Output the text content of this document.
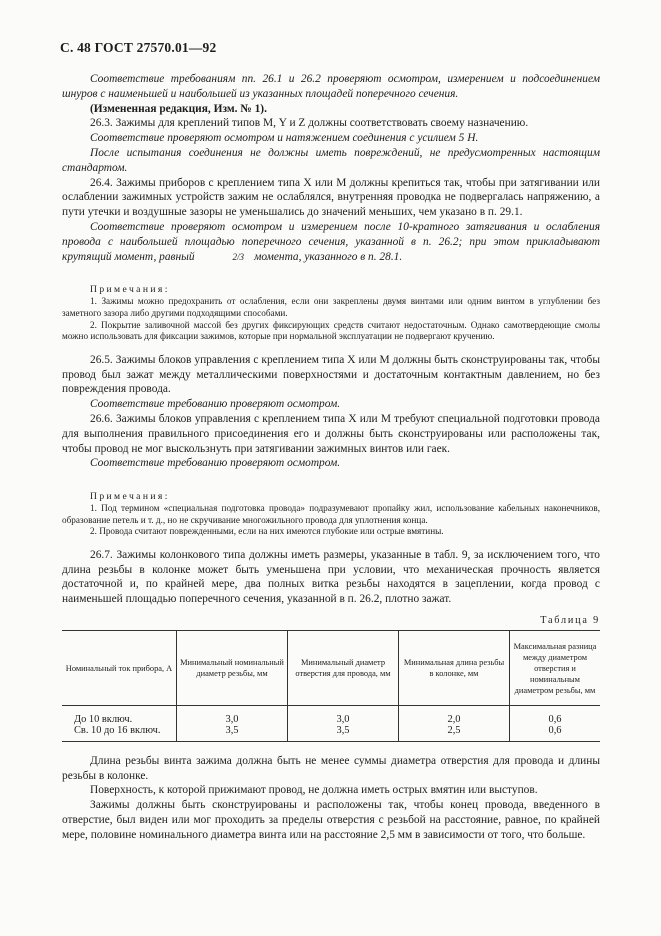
С. 48 ГОСТ 27570.01—92

Соответствие требованиям пп. 26.1 и 26.2 проверяют осмотром, измерением и подсоединением шнуров с наименьшей и наибольшей из указанных площадей поперечного сечения.

(Измененная редакция, Изм. № 1).

26.3. Зажимы для креплений типов М, Y и Z должны соответствовать своему назначению.

Соответствие проверяют осмотром и натяжением соединения с усилием 5 Н.

После испытания соединения не должны иметь повреждений, не предусмотренных настоящим стандартом.

26.4. Зажимы приборов с креплением типа X или М должны крепиться так, чтобы при затягивании или ослаблении зажимных устройств зажим не ослаблялся, внутренняя проводка не подвергалась напряжению, а пути утечки и воздушные зазоры не уменьшались до значений меньших, чем указано в п. 29.1.

Соответствие проверяют осмотром и измерением после 10-кратного затягивания и ослабления провода с наибольшей площадью поперечного сечения, указанной в п. 26.2; при этом прикладывают крутящий момент, равный	2/3 момента, указанного в п. 28.1.

Примечания:

1. Зажимы можно предохранить от ослабления, если они закреплены двумя винтами или одним винтом в углублении без заметного зазора либо другими подходящими способами.

2. Покрытие заливочной массой без других фиксирующих средств считают недостаточным. Однако самотвердеющие смолы можно использовать для фиксации зажимов, которые при нормальной эксплуатации не подвергают кручению.

26.5. Зажимы блоков управления с креплением типа X или М должны быть сконструированы так, чтобы провод был зажат между металлическими поверхностями и достаточным контактным давлением, но без повреждения провода.

Соответствие требованию проверяют осмотром.

26.6. Зажимы блоков управления с креплением типа X или М требуют специальной подготовки провода для выполнения правильного присоединения его и должны быть сконструированы или расположены так, чтобы провод не мог выскользнуть при затягивании зажимных винтов или гаек.

Соответствие требованию проверяют осмотром.

Примечания:

1. Под термином «специальная подготовка провода» подразумевают пропайку жил, использование кабельных наконечников, образование петель и т. д., но не скручивание многожильного провода для уплотнения конца.

2. Провода считают поврежденными, если на них имеются глубокие или острые вмятины.

26.7. Зажимы колонкового типа должны иметь размеры, указанные в табл. 9, за исключением того, что длина резьбы в колонке может быть уменьшена при условии, что механическая прочность является достаточной и, по крайней мере, два полных витка резьбы находятся в зацеплении, когда провод с наименьшей площадью поперечного сечения, указанной в п. 26.2, плотно зажат.

Таблица 9
Номинальный ток прибора, А	Минимальный номинальный диаметр резьбы, мм	Минимальный диаметр отверстия для провода, мм	Минимальная длина резьбы в колонке, мм	Максимальная разница между диаметром отверстия и номинальным диаметром резьбы, мм
До 10 включ.	3,0	3,0	2,0	0,6
Св. 10 до 16 включ.	3,5	3,5	2,5	0,6

Длина резьбы винта зажима должна быть не менее суммы диаметра отверстия для провода и длины резьбы в колонке.

Поверхность, к которой прижимают провод, не должна иметь острых вмятин или выступов.

Зажимы должны быть сконструированы и расположены так, чтобы конец провода, введенного в отверстие, был виден или мог проходить за пределы отверстия с резьбой на расстояние, равное, по крайней мере, половине номинального диаметра винта или на расстояние 2,5 мм в зависимости от того, что больше.
